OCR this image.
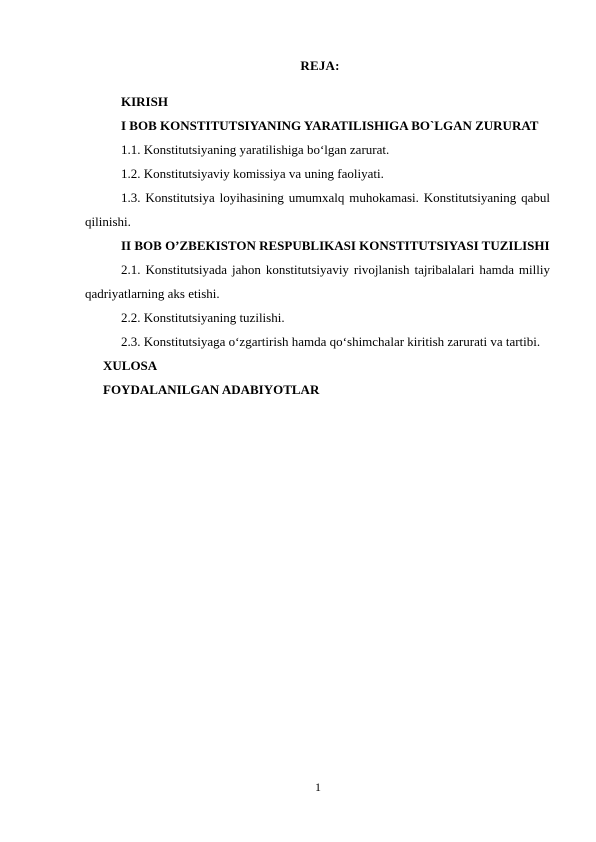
REJA:

KIRISH

I BOB KONSTITUTSIYANING YARATILISHIGA BO`LGAN ZURURAT

1.1. Konstitutsiyaning yaratilishiga bo‘lgan zarurat.

1.2. Konstitutsiyaviy komissiya va uning faoliyati.

1.3. Konstitutsiya loyihasining umumxalq muhokamasi. Konstitutsiyaning qabul qilinishi.

II BOB O’ZBEKISTON RESPUBLIKASI KONSTITUTSIYASI TUZILISHI

2.1. Konstitutsiyada jahon konstitutsiyaviy rivojlanish tajribalalari hamda milliy qadriyatlarning aks etishi.

2.2. Konstitutsiyaning tuzilishi.

2.3. Konstitutsiyaga o‘zgartirish hamda qo‘shimchalar kiritish zarurati va tartibi.

XULOSA

FOYDALANILGAN ADABIYOTLAR

1
